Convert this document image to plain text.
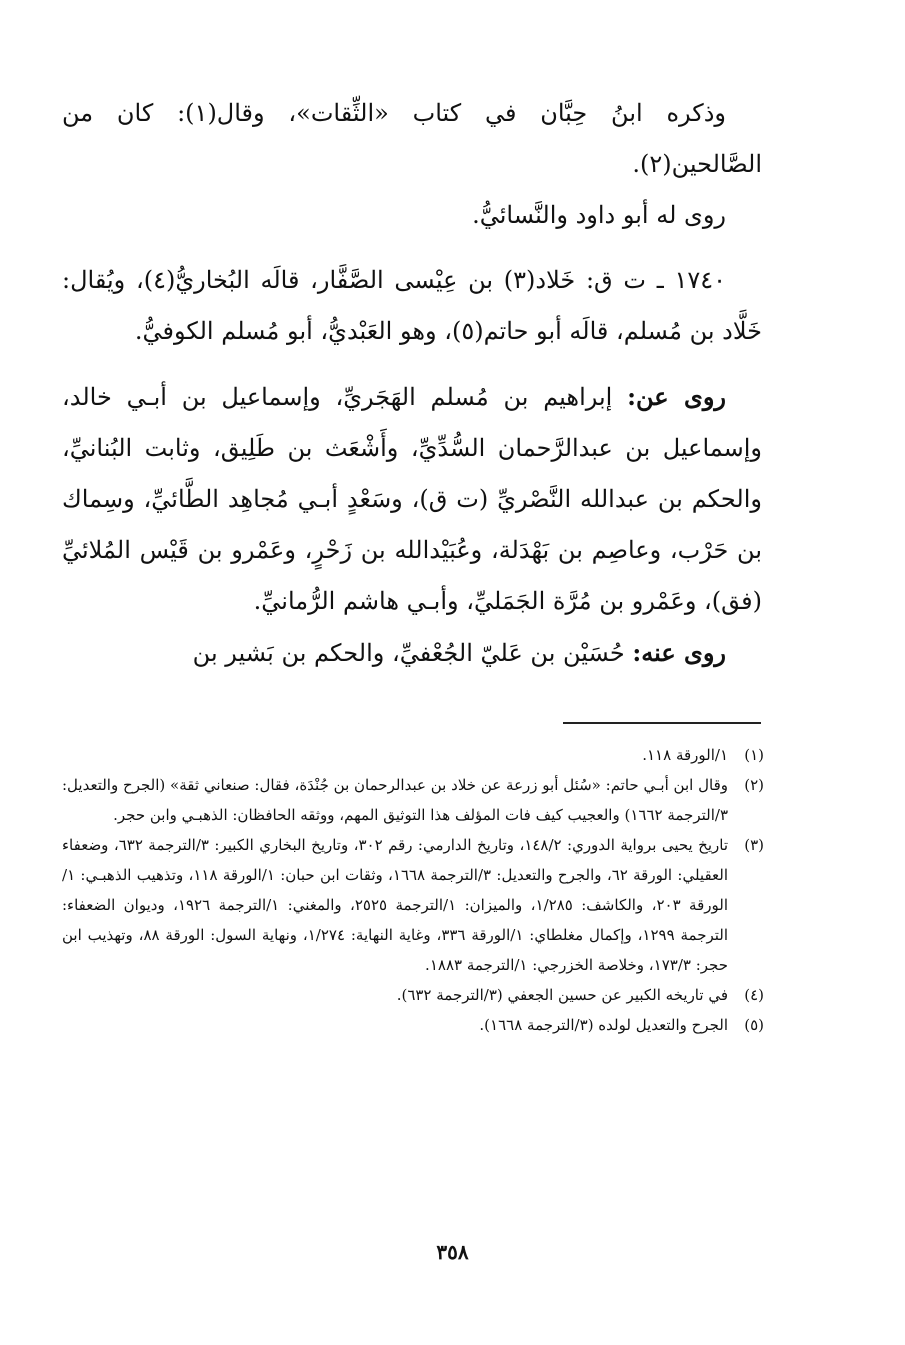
وذكره ابنُ حِبَّان في كتاب «الثِّقات»، وقال(١): كان من الصَّالحين(٢).

روى له أبو داود والنَّسائيُّ.

١٧٤٠ ـ ت ق: خَلاد(٣) بن عِيْسى الصَّفَّار، قالَه البُخاريُّ(٤)، ويُقال: خَلَّاد بن مُسلم، قالَه أبو حاتم(٥)، وهو العَبْديُّ، أبو مُسلم الكوفيُّ.

روى عن: إبراهيم بن مُسلم الهَجَريِّ، وإسماعيل بن أبـي خالد، وإسماعيل بن عبدالرَّحمان السُّدِّيِّ، وأَشْعَث بن طَلِيق، وثابت البُنانيِّ، والحكم بن عبدالله النَّصْريِّ (ت ق)، وسَعْدٍ أبـي مُجاهِد الطَّائيِّ، وسِماك بن حَرْب، وعاصِم بن بَهْدَلة، وعُبَيْدالله بن زَحْرٍ، وعَمْرو بن قَيْس المُلائيِّ (فق)، وعَمْرو بن مُرَّة الجَمَليِّ، وأبـي هاشم الرُّمانيِّ.

روى عنه: حُسَيْن بن عَليّ الجُعْفيِّ، والحكم بن بَشير بن

(١)
١/الورقة ١١٨.
(٢)
وقال ابن أبـي حاتم: «سُئل أبو زرعة عن خلاد بن عبدالرحمان بن جُنْدَة، فقال: صنعاني ثقة» (الجرح والتعديل: ٣/الترجمة ١٦٦٢) والعجيب كيف فات المؤلف هذا التوثيق المهم، ووثقه الحافظان: الذهبـي وابن حجر.
(٣)
تاريخ يحيى برواية الدوري: ١٤٨/٢، وتاريخ الدارمي: رقم ٣٠٢، وتاريخ البخاري الكبير: ٣/الترجمة ٦٣٢، وضعفاء العقيلي: الورقة ٦٢، والجرح والتعديل: ٣/الترجمة ١٦٦٨، وثقات ابن حبان: ١/الورقة ١١٨، وتذهيب الذهبـي: ١/الورقة ٢٠٣، والكاشف: ١/٢٨٥، والميزان: ١/الترجمة ٢٥٢٥، والمغني: ١/الترجمة ١٩٢٦، وديوان الضعفاء: الترجمة ١٢٩٩، وإكمال مغلطاي: ١/الورقة ٣٣٦، وغاية النهاية: ١/٢٧٤، ونهاية السول: الورقة ٨٨، وتهذيب ابن حجر: ١٧٣/٣، وخلاصة الخزرجي: ١/الترجمة ١٨٨٣.
(٤)
في تاريخه الكبير عن حسين الجعفي (٣/الترجمة ٦٣٢).
(٥)
الجرح والتعديل لولده (٣/الترجمة ١٦٦٨).
٣٥٨
